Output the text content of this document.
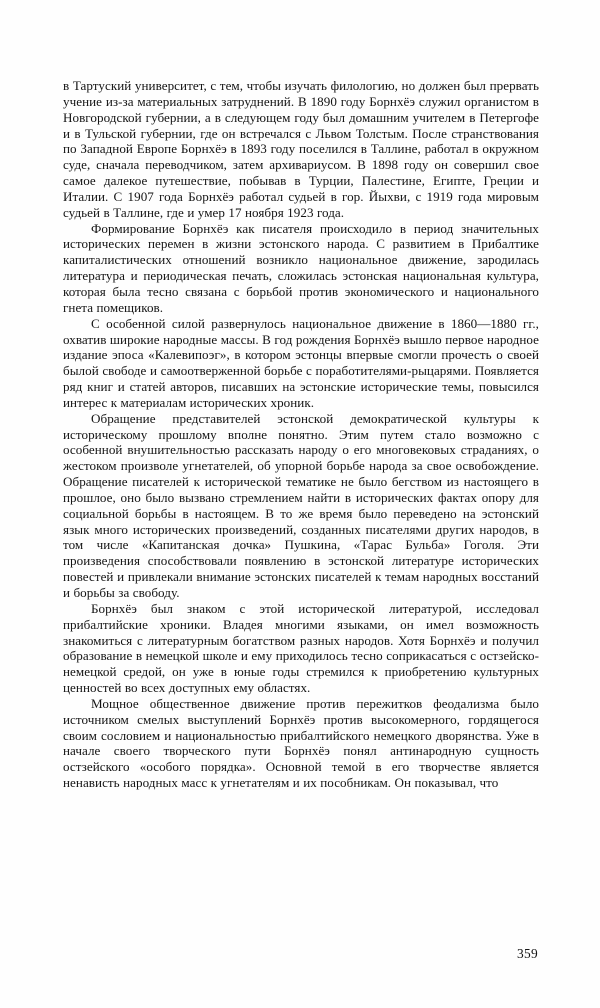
в Тартуский университет, с тем, чтобы изучать филологию, но должен был прервать учение из-за материальных затруднений. В 1890 году Борнхёэ служил органистом в Новгородской губернии, а в следующем году был домашним учителем в Петергофе и в Тульской губернии, где он встречался с Львом Толстым. После странствования по Западной Европе Борнхёэ в 1893 году поселился в Таллине, работал в окружном суде, сначала переводчиком, затем архивариусом. В 1898 году он совершил свое самое далекое путешествие, побывав в Турции, Палестине, Египте, Греции и Италии. С 1907 года Борнхёэ работал судьей в гор. Йыхви, с 1919 года мировым судьей в Таллине, где и умер 17 ноября 1923 года.

Формирование Борнхёэ как писателя происходило в период значительных исторических перемен в жизни эстонского народа. С развитием в Прибалтике капиталистических отношений возникло национальное движение, зародилась литература и периодическая печать, сложилась эстонская национальная культура, которая была тесно связана с борьбой против экономического и национального гнета помещиков.

С особенной силой развернулось национальное движение в 1860—1880 гг., охватив широкие народные массы. В год рождения Борнхёэ вышло первое народное издание эпоса «Калевипоэг», в котором эстонцы впервые смогли прочесть о своей былой свободе и самоотверженной борьбе с поработителями-рыцарями. Появляется ряд книг и статей авторов, писавших на эстонские исторические темы, повысился интерес к материалам исторических хроник.

Обращение представителей эстонской демократической культуры к историческому прошлому вполне понятно. Этим путем стало возможно с особенной внушительностью рассказать народу о его многовековых страданиях, о жестоком произволе угнетателей, об упорной борьбе народа за свое освобождение. Обращение писателей к исторической тематике не было бегством из настоящего в прошлое, оно было вызвано стремлением найти в исторических фактах опору для социальной борьбы в настоящем. В то же время было переведено на эстонский язык много исторических произведений, созданных писателями других народов, в том числе «Капитанская дочка» Пушкина, «Тарас Бульба» Гоголя. Эти произведения способствовали появлению в эстонской литературе исторических повестей и привлекали внимание эстонских писателей к темам народных восстаний и борьбы за свободу.

Борнхёэ был знаком с этой исторической литературой, исследовал прибалтийские хроники. Владея многими языками, он имел возможность знакомиться с литературным богатством разных народов. Хотя Борнхёэ и получил образование в немецкой школе и ему приходилось тесно соприкасаться с остзейско-немецкой средой, он уже в юные годы стремился к приобретению культурных ценностей во всех доступных ему областях.

Мощное общественное движение против пережитков феодализма было источником смелых выступлений Борнхёэ против высокомерного, гордящегося своим сословием и национальностью прибалтийского немецкого дворянства. Уже в начале своего творческого пути Борнхёэ понял антинародную сущность остзейского «особого порядка». Основной темой в его творчестве является ненависть народных масс к угнетателям и их пособникам. Он показывал, что

359
